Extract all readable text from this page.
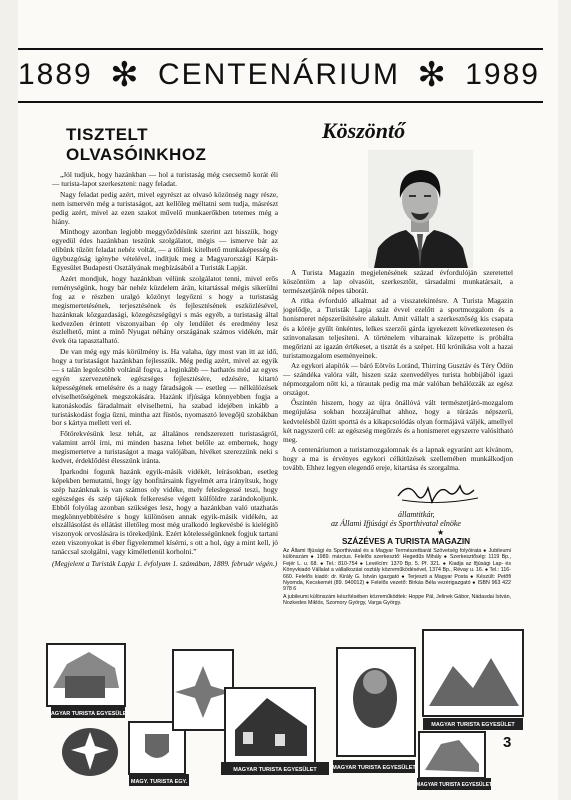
1889 ✻ CENTENÁRIUM ✻ 1989
TISZTELT OLVASÓINKHOZ

„Jól tudjuk, hogy hazánkban — hol a turistaság még csecsemő korát éli — turista-lapot szerkeszteni: nagy feladat.

Nagy feladat pedig azért, mivel egyrészt az olvasó közönség nagy része, nem ismervén még a turistaságot, azt kellőleg méltatni sem tudja, másrészt pedig azért, mivel az ezen szakot művelő munkaerőkben tetemes még a hiány.

Minthogy azonban legjobb meggyőződésünk szerint azt hisszük, hogy egyedül édes hazánkban teszünk szolgálatot, mégis — ismerve bár az elibünk tűzött feladat nehéz voltát, — a tőlünk kitelhető munkaképesség és ügybuzgóság igénybe vételével, indítjuk meg a Magyarországi Kárpát-Egyesület Budapesti Osztályának megbízásából a Turisták Lapját.

Azért mondjuk, hogy hazánkban vélünk szolgálatot tenni, mivel erős reménységünk, hogy bár nehéz küzdelem árán, kitartással mégis sikerülni fog az e részben uralgó közönyt legyőzni s hogy a turistaság megismertetésének, terjesztésének és fejlesztésének eszközlésével, hazánknak közgazdasági, közegészségügyi s más egyéb, a turistaság által kedvezően érintett viszonyaiban ép oly lendület és eredmény lesz észlelhető, mint a mínő Nyugat néhány országának számos vidékén, már évek óta tapasztalható.

De van még egy más körülmény is. Ha valaha, úgy most van itt az idő, hogy a turistaságot hazánkban fejlesszük. Még pedig azért, mivel az egyik — s talán legolcsóbb voltánál fogva, a leginkább — hathatós mód az egyes egyén szervezetének egészséges fejlesztésére, edzésére, kitartó képességének emelésére és a nagy fáradságok — esetleg — nélkülözések elviselhetőségének megszokására. Hazánk ifjúsága könnyebben fogja a katonáskodás fáradalmait elviselhetni, ha szabad idejében inkább a turistáskodást fogja űzni, mintha azt füstös, nyomasztó levegőjű szobákban bor s kártya mellett veri el.

Főtörekvésünk lesz tehát, az általános rendszerezett turistaságról, valamint arról írni, mi minden haszna lehet belőle az embernek, hogy megismertetve a turistaságot a maga valójában, hívéket szerezzünk neki s kedvet, érdeklődést élesszünk iránta.

Iparkodni fogunk hazánk egyik-másik vidékét, leírásokban, esetleg képekben bemutatni, hogy így honfitársaink figyelmét arra irányítsuk, hogy szép hazánknak is van számos oly vidéke, mely feleslegessé teszi, hogy egészséges és szép tájékok felkeresése végett külföldre zarándokoljunk. Ebből folyólag azonban szükséges lesz, hogy a hazánkban való utazhatás megkönnyebbítésére s hogy különösen annak egyik-másik vidékén, az elszállásolást és ellátást illetőleg most még uralkodó legkevésbé is kielégítő viszonyok orvoslására is törekedjünk. Ezért kötelességünknek fogjuk tartani ezen viszonyokat is éber figyelemmel kísérni, s ott a hol, úgy a mint kell, jó tanáccsal szolgálni, vagy kíméletlenül korholni.”

(Megjelent a Turisták Lapja 1. évfolyam 1. számában, 1889. február végén.)

Köszöntő

A Turista Magazin megjelenésének század évfordulóján szeretettel köszöntöm a lap olvasóit, szerkesztőit, társadalmi munkatársait, a természetjárók népes táborát.

A ritka évforduló alkalmat ad a visszatekintésre. A Turista Magazin jogelődje, a Turisták Lapja száz évvel ezelőtt a sportmozgalom és a honismeret népszerűsítésére alakult. Amit vállalt a szerkesztőség kis csapata és a köréje gyűlt önkéntes, lelkes szerzői gárda igyekezett következetesen és színvonalasan teljesíteni. A történelem viharainak közepette is próbálta megőrizni az igazán értékeset, a tisztát és a szépet. Hű krónikása volt a hazai turistamozgalom eseményeinek.

Az egykori alapítók — báró Eötvös Loránd, Thirring Gusztáv és Téry Ödön — szándéka valóra vált, hiszen száz szenvedélyes turista hobbijából igazi népmozgalom nőtt ki, a túrautak pedig ma már valóban behálózzák az egész országot.

Őszintén hiszem, hogy az újra önállóvá vált természetjáró-mozgalom megújulása sokban hozzájárulhat ahhoz, hogy a túrázás népszerű, kedvtelésből űzött sporttá és a kikapcsolódás olyan formájává váljék, amellyel két nagyszerű cél: az egészség megőrzés és a honismeret egyszerre valósítható meg.

A centenáriumon a turistamozgalomnak és a lapnak egyaránt azt kívánom, hogy a ma is érvényes egykori célkitűzések szellemében munkálkodjon tovább. Ehhez legyen elegendő ereje, kitartása és szorgalma.

államtitkár,
az Állami Ifjúsági és Sporthivatal elnöke
★
SZÁZÉVES A TURISTA MAGAZIN

Az Állami Ifjúsági és Sporthivatal és a Magyar Természetbarát Szövetség folyóirata ● Jubileumi különszám ● 1989. március. Felelős szerkesztő: Hegedűs Mihály ● Szerkesztőség: 1119 Bp., Fejér L. u. 68. ● Tel.: 810-754 ● Levélcím: 1370 Bp. 5. Pf. 321. ● Kiadja az Ifjúsági Lap- és Könyvkiadó Vállalat a vállalkozási osztály közreműködésével, 1374 Bp., Révay u. 16. ● Tel.: 116-660. Felelős kiadó: dr. Király G. István igazgató ● Terjeszti a Magyar Posta ● Készült: Petőfi Nyomda, Kecskemét (89. 940012) ● Felelős vezető: Birkás Béla vezérigazgató ● ISBN 963 422 978 6

A jubileumi különszám készítésében közreműködtek: Hoppe Pál, Jelinek Gábor, Nádasdai István, Nozkedes Miklós, Szomory György, Varga György.

MAGYAR TURISTA EGYESÜLET
MAGY. TURISTA EGY.
MAGYAR TURISTA EGYESÜLET	MAGYAR TURISTA EGYESÜLET
MAGYAR TURISTA EGYESÜLET
MAGYAR TURISTA EGYESÜLET
3
